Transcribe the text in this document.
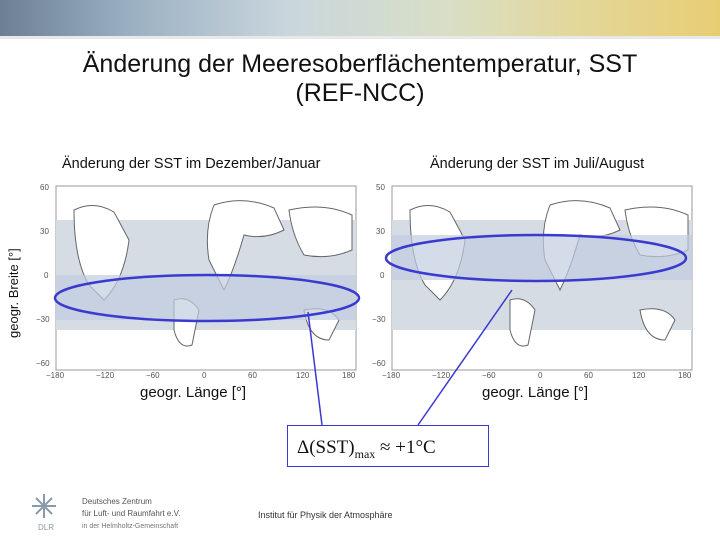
Änderung der Meeresoberflächentemperatur, SST
(REF-NCC)
Änderung der SST im Dezember/Januar	Änderung der SST im Juli/August
geogr. Breite [°]
60
30
0
−30
−60
−180	−120	−60	0	60	120	180
50
30
0
−30
−60
−180	−120	−60	0	60	120	180
geogr. Länge [°]	geogr. Länge [°]
$\Delta(SST)_{max} \approx +1^\circ C$
DLR
Deutsches Zentrum
für Luft- und Raumfahrt e.V.
in der Helmholtz-Gemeinschaft
Institut für Physik der Atmosphäre
